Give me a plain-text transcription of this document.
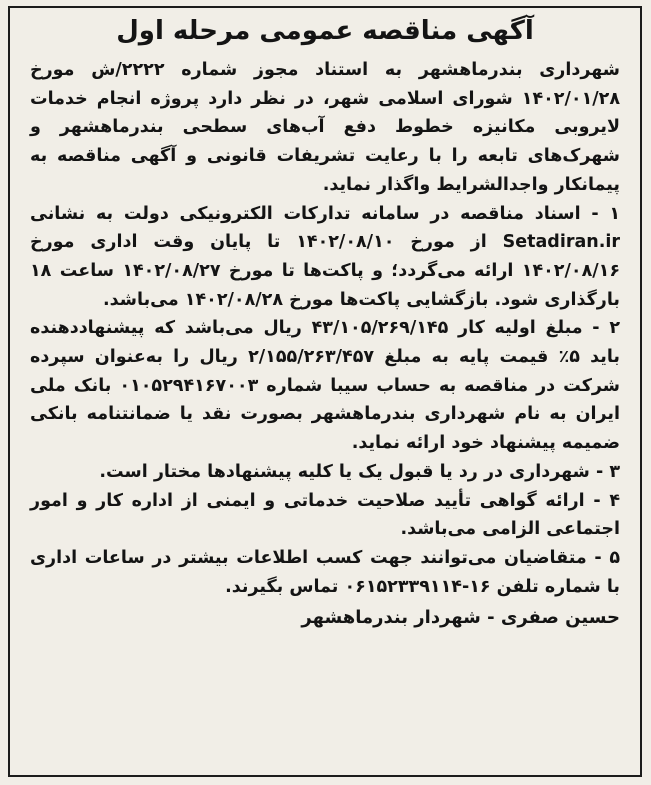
آگهی مناقصه عمومی مرحله اول

شهرداری بندرماهشهر به استناد مجوز شماره ۲۲۲۲/ش مورخ ۱۴۰۲/۰۱/۲۸ شورای اسلامی شهر، در نظر دارد پروژه انجام خدمات لایروبی مکانیزه خطوط دفع آب‌های سطحی بندرماهشهر و شهرک‌های تابعه را با رعایت تشریفات قانونی و آگهی مناقصه به پیمانکار واجدالشرایط واگذار نماید.

۱ - اسناد مناقصه در سامانه تدارکات الکترونیکی دولت به نشانی Setadiran.ir از مورخ ۱۴۰۲/۰۸/۱۰ تا پایان وقت اداری مورخ ۱۴۰۲/۰۸/۱۶ ارائه می‌گردد؛ و پاکت‌ها تا مورخ ۱۴۰۲/۰۸/۲۷ ساعت ۱۸ بارگذاری شود. بازگشایی پاکت‌ها مورخ ۱۴۰۲/۰۸/۲۸ می‌باشد.

۲ - مبلغ اولیه کار ۴۳/۱۰۵/۲۶۹/۱۴۵ ریال می‌باشد که پیشنهاددهنده باید ۵٪ قیمت پایه به مبلغ ۲/۱۵۵/۲۶۳/۴۵۷ ریال را به‌عنوان سپرده شرکت در مناقصه به حساب سیبا شماره ۰۱۰۵۲۹۴۱۶۷۰۰۳ بانک ملی ایران به نام شهرداری بندرماهشهر بصورت نقد یا ضمانتنامه بانکی ضمیمه پیشنهاد خود ارائه نماید.

۳ - شهرداری در رد یا قبول یک یا کلیه پیشنهادها مختار است.

۴ - ارائه گواهی تأیید صلاحیت خدماتی و ایمنی از اداره کار و امور اجتماعی الزامی می‌باشد.

۵ - متقاضیان می‌توانند جهت کسب اطلاعات بیشتر در ساعات اداری با شماره تلفن ۱۶-۰۶۱۵۲۳۳۹۱۱۴ تماس بگیرند.

حسین صفری - شهردار بندرماهشهر
